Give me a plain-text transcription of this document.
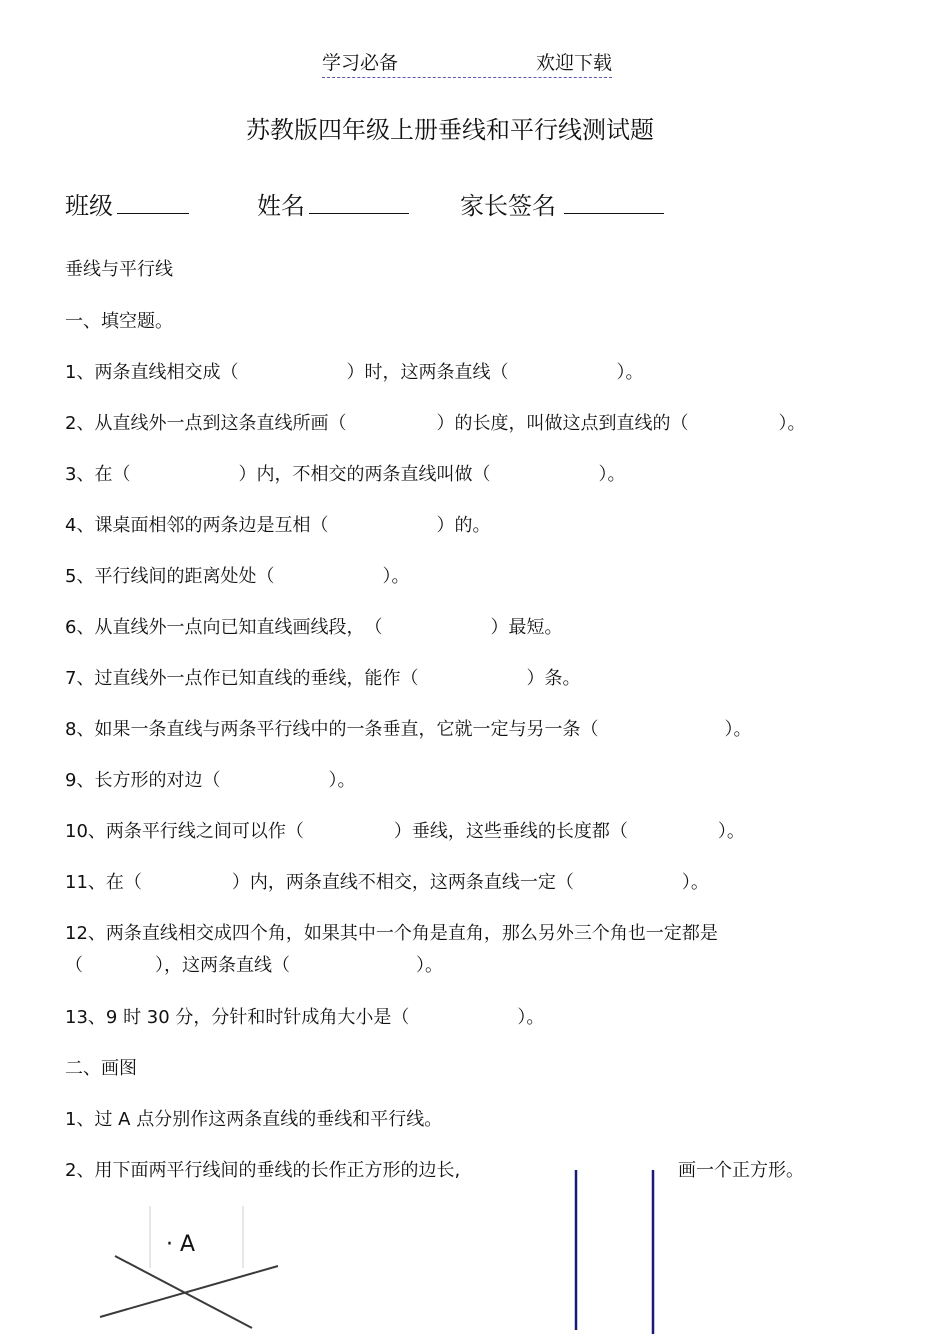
学习必备	欢迎下载
苏教版四年级上册垂线和平行线测试题
班级	姓名	家长签名
垂线与平行线
一、填空题。
1、两条直线相交成（　　　　　　）时，这两条直线（　　　　　　）。
2、从直线外一点到这条直线所画（　　　　　）的长度，叫做这点到直线的（　　　　　）。
3、在（　　　　　　）内，不相交的两条直线叫做（　　　　　　）。
4、课桌面相邻的两条边是互相（　　　　　　）的。
5、平行线间的距离处处（　　　　　　）。
6、从直线外一点向已知直线画线段，　（　　　　　　）最短。
7、过直线外一点作已知直线的垂线，能作（　　　　　　）条。
8、如果一条直线与两条平行线中的一条垂直，它就一定与另一条（　　　　　　　）。
9、长方形的对边（　　　　　　）。
10、两条平行线之间可以作（　　　　　）垂线，这些垂线的长度都（　　　　　）。
11、在（　　　　　）内，两条直线不相交，这两条直线一定（　　　　　　）。
12、两条直线相交成四个角，如果其中一个角是直角，那么另外三个角也一定都是
（　　　　），这两条直线（　　　　　　　）。
13、9 时 30 分，分针和时针成角大小是（　　　　　　）。
二、画图
1、过 A 点分别作这两条直线的垂线和平行线。
2、用下面两平行线间的垂线的长作正方形的边长,	画一个正方形。
· A
